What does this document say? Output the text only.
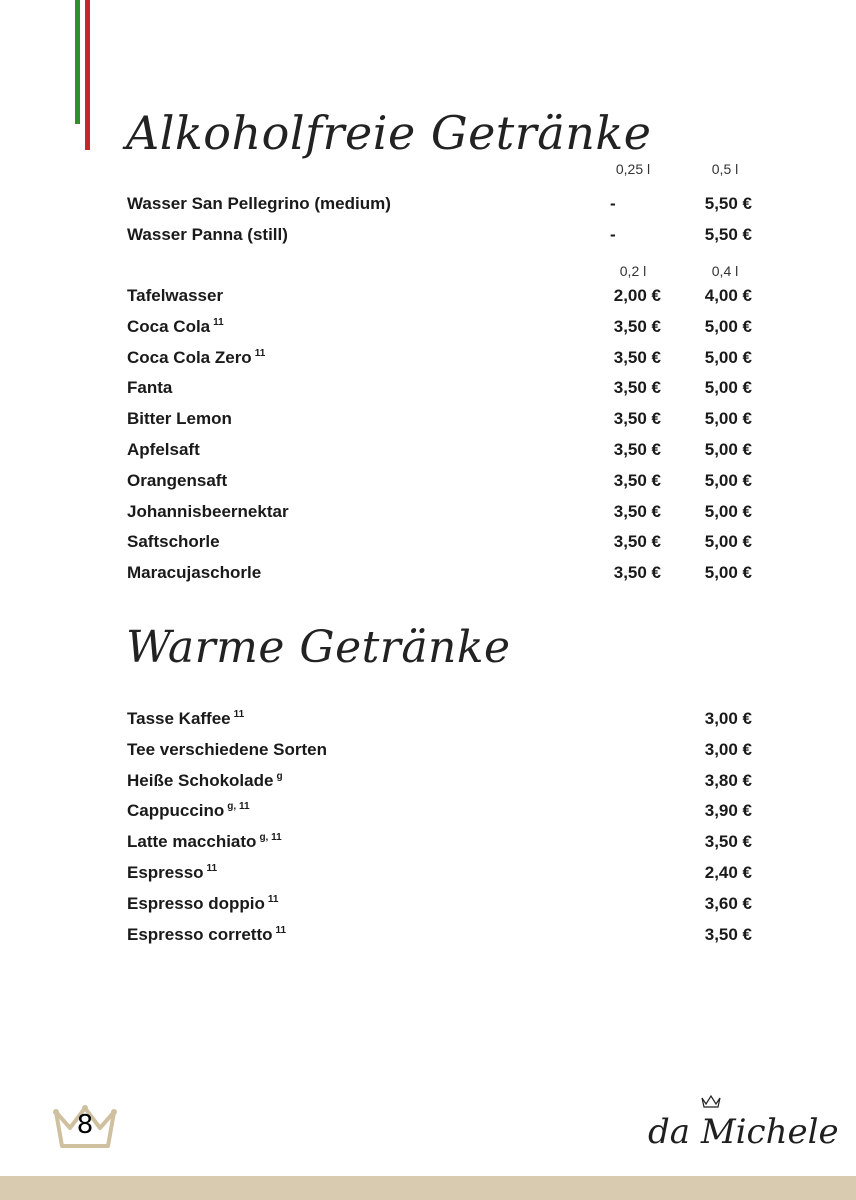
Alkoholfreie Getränke
0,25 l	0,5 l
Wasser San Pellegrino (medium)	-	5,50 €
Wasser Panna (still)	-	5,50 €
0,2 l	0,4 l
Tafelwasser	2,00 €	4,00 €
Coca Cola $^{11}$	3,50 €	5,00 €
Coca Cola Zero $^{11}$	3,50 €	5,00 €
Fanta	3,50 €	5,00 €
Bitter Lemon	3,50 €	5,00 €
Apfelsaft	3,50 €	5,00 €
Orangensaft	3,50 €	5,00 €
Johannisbeernektar	3,50 €	5,00 €
Saftschorle	3,50 €	5,00 €
Maracujaschorle	3,50 €	5,00 €
Warme Getränke
Tasse Kaffee $^{11}$	3,00 €
Tee verschiedene Sorten	3,00 €
Heiße Schokolade $^g$	3,80 €
Cappuccino $^{g, 11}$	3,90 €
Latte macchiato $^{g, 11}$	3,50 €
Espresso $^{11}$	2,40 €
Espresso doppio $^{11}$	3,60 €
Espresso corretto $^{11}$	3,50 €
8	da Michele
